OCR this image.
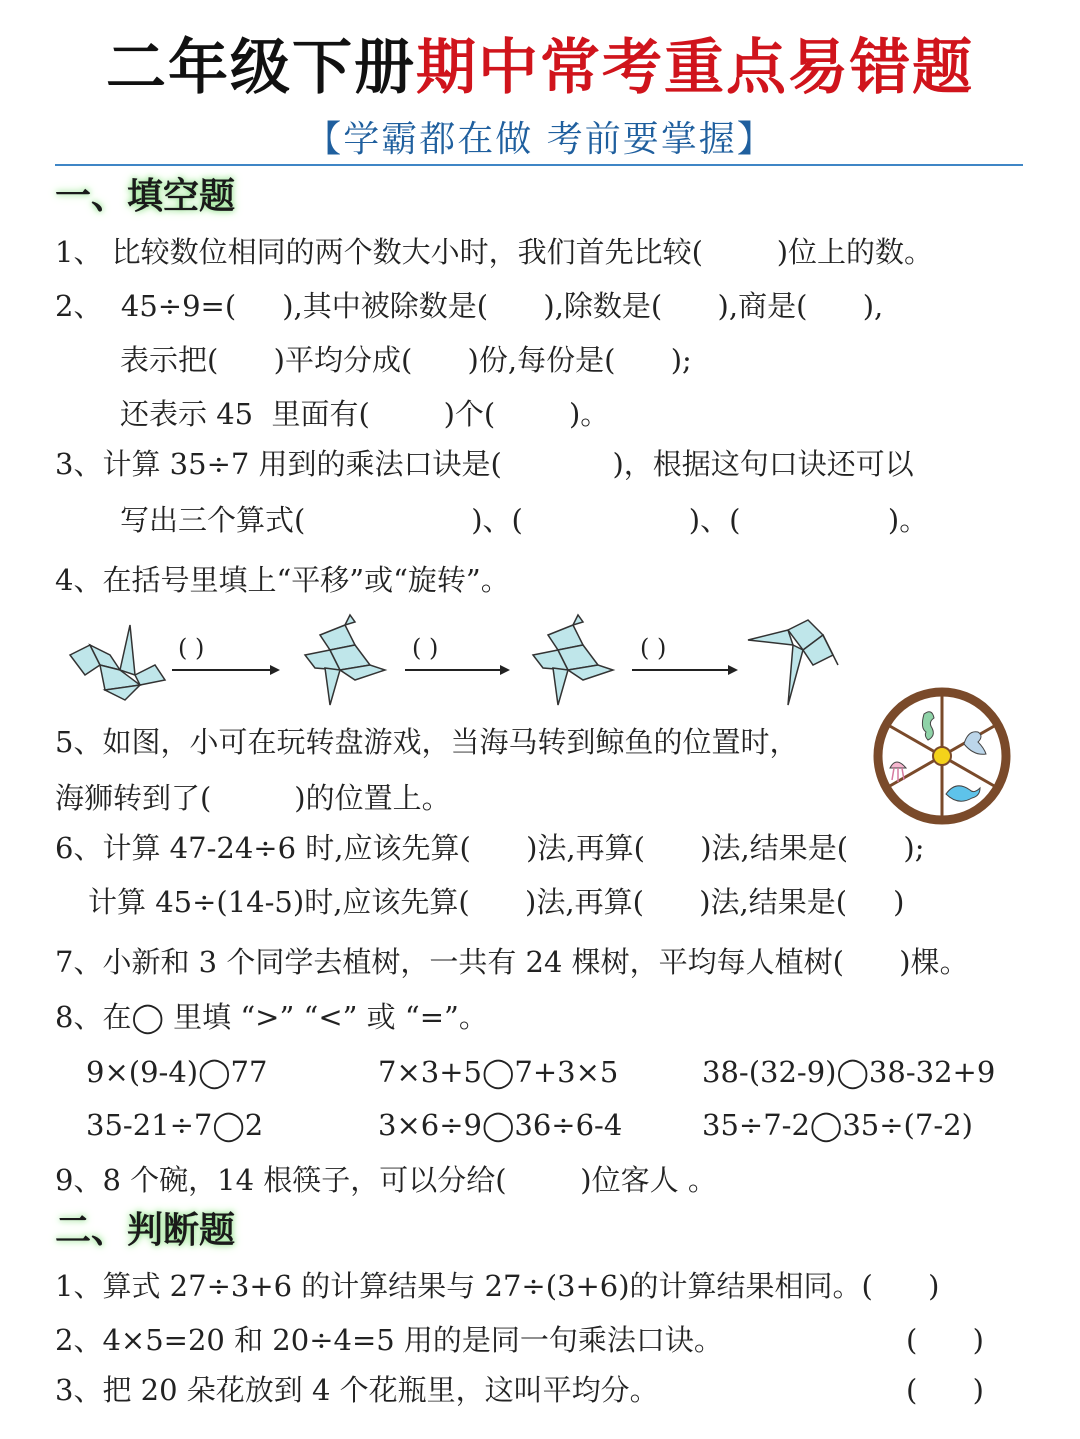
二年级下册期中常考重点易错题
【学霸都在做 考前要掌握】
一、填空题
1、 比较数位相同的两个数大小时，我们首先比较(        )位上的数。
2、  45÷9=(     ),其中被除数是(      ),除数是(      ),商是(      ),
表示把(      )平均分成(      )份,每份是(      );
还表示 45  里面有(        )个(        )。
3、计算 35÷7 用到的乘法口诀是(            )，根据这句口诀还可以
写出三个算式(                  )、(                  )、(                )。
4、在括号里填上“平移”或“旋转”。
( )	( )	( )
5、如图，小可在玩转盘游戏，当海马转到鲸鱼的位置时，
海狮转到了(         )的位置上。
6、计算 47-24÷6 时,应该先算(      )法,再算(      )法,结果是(      );
计算 45÷(14-5)时,应该先算(      )法,再算(      )法,结果是(     )
7、小新和 3 个同学去植树，一共有 24 棵树，平均每人植树(      )棵。
8、在◯ 里填 “>” “<” 或 “=”。
9×(9-4)◯77	7×3+5◯7+3×5	38-(32-9)◯38-32+9
35-21÷7◯2	3×6÷9◯36÷6-4	35÷7-2◯35÷(7-2)
9、8 个碗，14 根筷子，可以分给(        )位客人 。
二、判断题
1、算式 27÷3+6 的计算结果与 27÷(3+6)的计算结果相同。(      )
2、4×5=20 和 20÷4=5 用的是同一句乘法口诀。	(      )
3、把 20 朵花放到 4 个花瓶里，这叫平均分。	(      )
